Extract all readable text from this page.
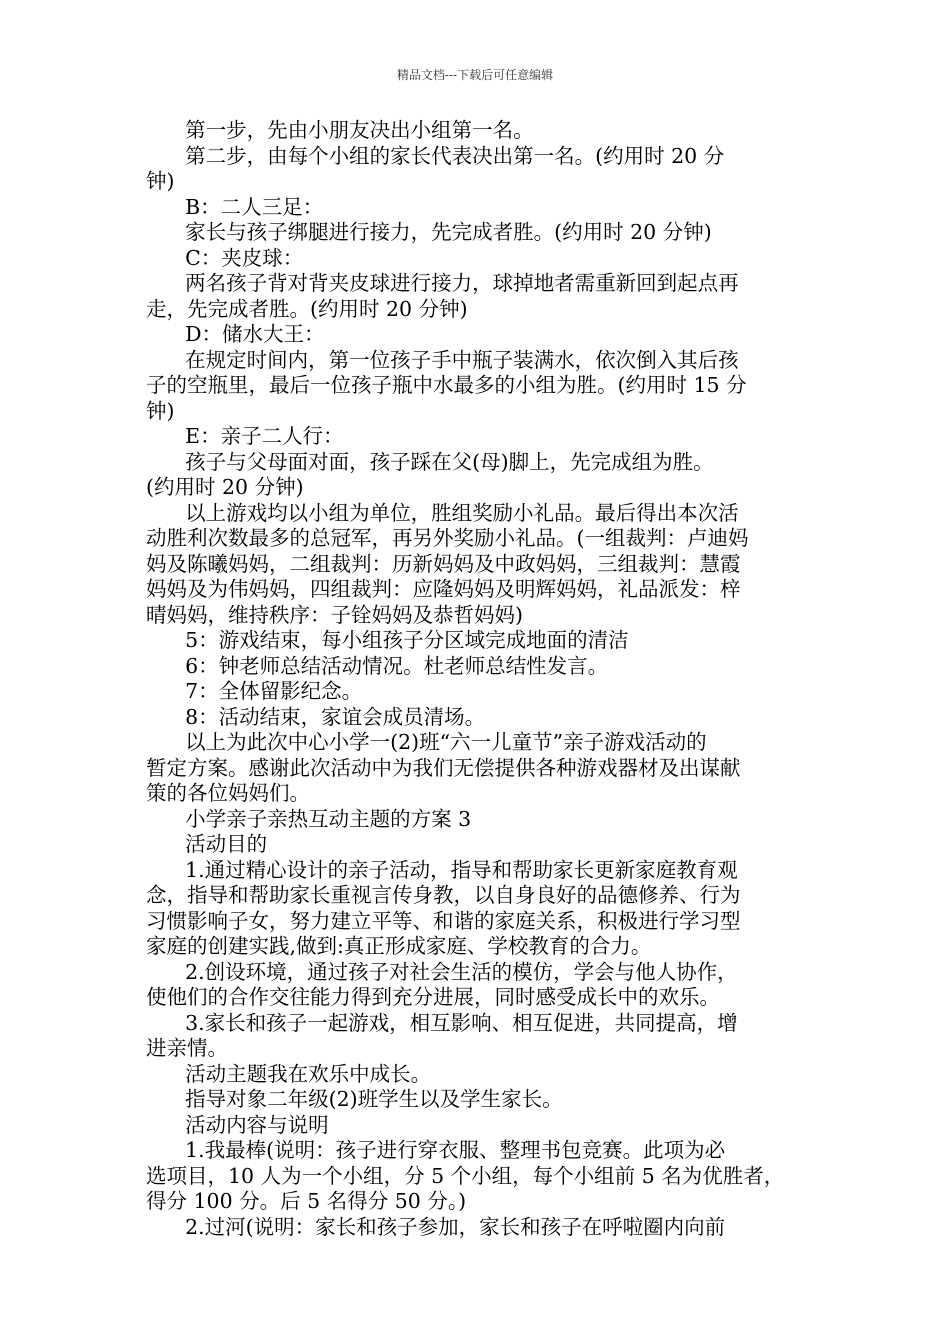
精品文档---下载后可任意编辑
第一步，先由小朋友决出小组第一名。
第二步，由每个小组的家长代表决出第一名。(约用时 20 分
钟)
B：二人三足：
家长与孩子绑腿进行接力，先完成者胜。(约用时 20 分钟)
C：夹皮球：
两名孩子背对背夹皮球进行接力，球掉地者需重新回到起点再
走，先完成者胜。(约用时 20 分钟)
D：储水大王：
在规定时间内，第一位孩子手中瓶子装满水，依次倒入其后孩
子的空瓶里，最后一位孩子瓶中水最多的小组为胜。(约用时 15 分
钟)
E：亲子二人行：
孩子与父母面对面，孩子踩在父(母)脚上，先完成组为胜。
(约用时 20 分钟)
以上游戏均以小组为单位，胜组奖励小礼品。最后得出本次活
动胜利次数最多的总冠军，再另外奖励小礼品。(一组裁判：卢迪妈
妈及陈曦妈妈，二组裁判：历新妈妈及中政妈妈，三组裁判：慧霞
妈妈及为伟妈妈，四组裁判：应隆妈妈及明辉妈妈，礼品派发：梓
晴妈妈，维持秩序：子铨妈妈及恭哲妈妈)
5：游戏结束，每小组孩子分区域完成地面的清洁
6：钟老师总结活动情况。杜老师总结性发言。
7：全体留影纪念。
8：活动结束，家谊会成员清场。
以上为此次中心小学一(2)班“六一儿童节”亲子游戏活动的
暂定方案。感谢此次活动中为我们无偿提供各种游戏器材及出谋献
策的各位妈妈们。
小学亲子亲热互动主题的方案 3
活动目的
1.通过精心设计的亲子活动，指导和帮助家长更新家庭教育观
念，指导和帮助家长重视言传身教，以自身良好的品德修养、行为
习惯影响子女，努力建立平等、和谐的家庭关系，积极进行学习型
家庭的创建实践,做到:真正形成家庭、学校教育的合力。
2.创设环境，通过孩子对社会生活的模仿，学会与他人协作，
使他们的合作交往能力得到充分进展，同时感受成长中的欢乐。
3.家长和孩子一起游戏，相互影响、相互促进，共同提高，增
进亲情。
活动主题我在欢乐中成长。
指导对象二年级(2)班学生以及学生家长。
活动内容与说明
1.我最棒(说明：孩子进行穿衣服、整理书包竞赛。此项为必
选项目，10 人为一个小组，分 5 个小组，每个小组前 5 名为优胜者，
得分 100 分。后 5 名得分 50 分。)
2.过河(说明：家长和孩子参加，家长和孩子在呼啦圈内向前
